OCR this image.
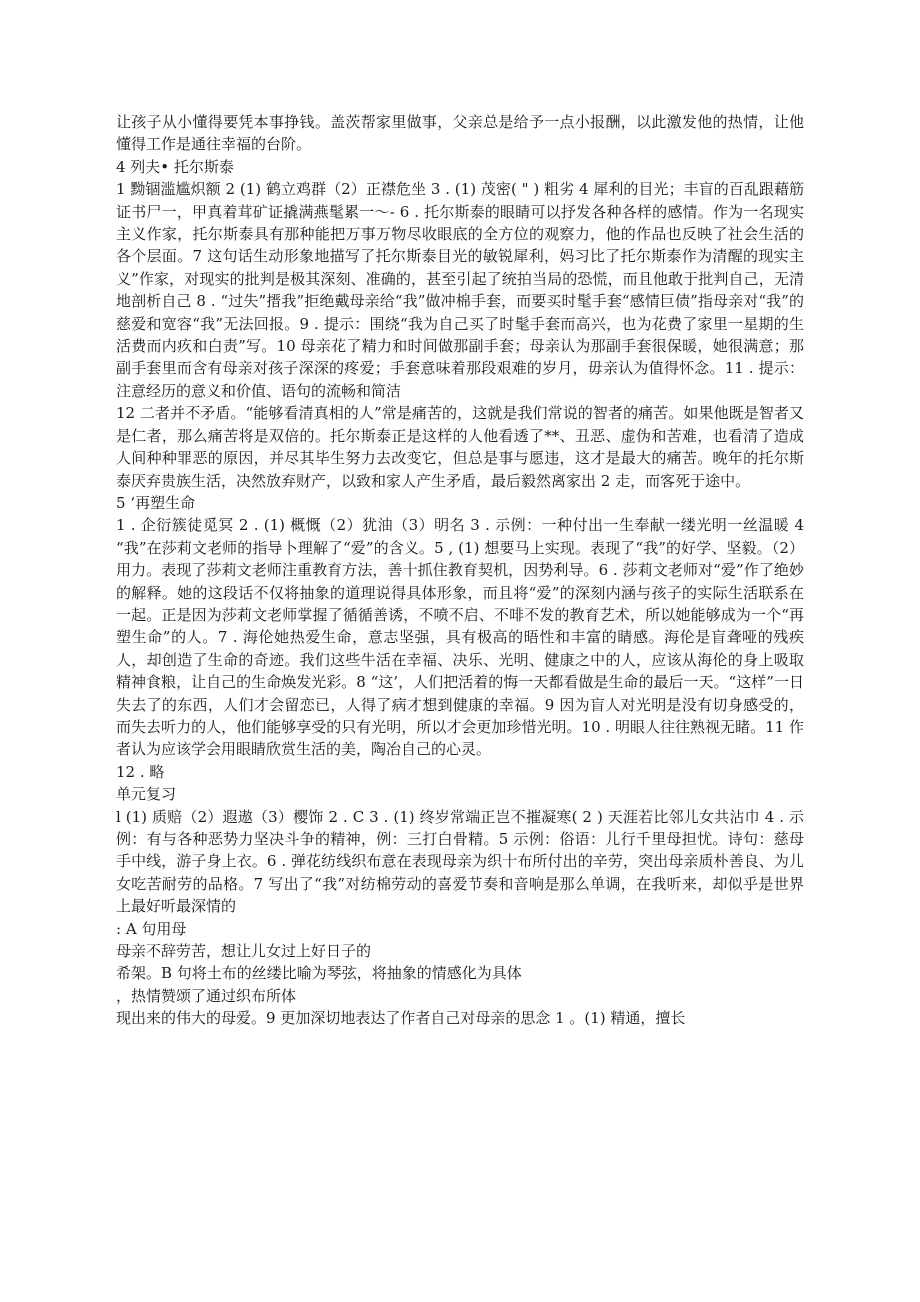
让孩子从小懂得要凭本事挣钱。盖茨帮家里做事，父亲总是给予一点小报酬，以此激发他的热情，让他懂得工作是通往幸福的台阶。

4 列夫• 托尔斯泰

1 黝锢滥尴炽额 2 (1) 鹤立鸡群（2）正襟危坐 3 . (1) 茂密( " ) 粗劣 4 犀利的目光；丰盲的百乱跟藉筋证书尸一，甲真着茸矿证撬满燕髦累一～- 6 . 托尔斯泰的眼睛可以抒发各种各样的感情。作为一名现实主义作家，托尔斯泰具有那种能把万事万物尽收眼底的全方位的观察力，他的作品也反映了社会生活的各个层面。7 这句话生动形象地描写了托尔斯泰目光的敏锐犀利，妈习比了托尔斯泰作为清醒的现实主义”作家，对现实的批判是极其深刻、准确的，甚至引起了统拍当局的恐慌，而且他敢于批判自己，无清地剖析自己 8 . “过失”搢我”拒绝戴母亲给“我”做冲棉手套，而要买时髦手套“感情巨债”指母亲对“我”的慈爱和宽容“我”无法回报。9 . 提示：围绕“我为自己买了时髦手套而高兴，也为花费了家里一星期的生活费而内疚和白责”写。10 母亲花了精力和时间做那副手套；母亲认为那副手套很保暖，她很满意；那副手套里而含有母亲对孩子深深的疼爱；手套意味着那段艰难的岁月，毋亲认为值得怀念。11 . 提示：注意经历的意义和价值、语句的流畅和简洁

12 二者并不矛盾。“能够看清真相的人”常是痛苦的，这就是我们常说的智者的痛苦。如果他既是智者又是仁者，那么痛苦将是双倍的。托尔斯泰正是这样的人他看透了**、丑恶、虚伪和苦难，也看清了造成人间种种罪恶的原因，并尽其毕生努力去改变它，但总是事与愿违，这才是最大的痛苦。晚年的托尔斯泰厌弃贵族生活，决然放弃财产，以致和家人产生矛盾，最后毅然离家出 2 走，而客死于途中。

5 ‘再塑生命

1 . 企衍簇徒觅冥 2 . (1) 概慨（2）犹油（3）明名 3 . 示例：一种付出一生奉献一缕光明一丝温暖 4 “我”在莎莉文老师的指导卜理解了“爱”的含义。5 , (1) 想要马上实现。表现了“我”的好学、坚毅。（2）用力。表现了莎莉文老师注重教育方法，善十抓住教育契机，因势利导。6 . 莎莉文老师对“爱”作了绝妙的解释。她的这段话不仅将抽象的道理说得具体形象，而且将“爱”的深刻内涵与孩子的实际生活联系在一起。正是因为莎莉文老师掌握了循循善诱，不喷不启、不啡不发的教育艺术，所以她能够成为一个“再塑生命”的人。7 . 海伦她热爱生命，意志坚强，具有极高的晤性和丰富的睛感。海伦是盲聋哑的残疾人，却创造了生命的奇迹。我们这些牛活在幸福、决乐、光明、健康之中的人，应该从海伦的身上吸取精神食粮，让自己的生命焕发光彩。8 “这’，人们把活着的悔一天都看做是生命的最后一天。“这样”一日失去了的东西，人们才会留恋已，人得了病才想到健康的幸福。9 因为盲人对光明是没有切身感受的，而失去听力的人，他们能够享受的只有光明，所以才会更加珍惜光明。10 . 明眼人往往熟视无睹。11 作者认为应该学会用眼睛欣赏生活的美，陶冶自己的心灵。

12 . 略

单元复习

l (1) 质赔（2）遐遨（3）樱饰 2 . C 3 . (1) 终岁常端正岂不摧凝寒( 2 ) 天涯若比邻儿女共沾巾 4 . 示例：有与各种恶势力坚决斗争的精神，例：三打白骨精。5 示例：俗语：儿行千里母担忧。诗句：慈母手中线，游子身上衣。6 . 弹花纺线织布意在表现母亲为织十布所付出的辛劳，突出母亲质朴善良、为儿女吃苦耐劳的品格。7 写出了“我”对纺棉劳动的喜爱节奏和音响是那么单调，在我听来，却似乎是世界上最好听最深情的

: A 句用母

母亲不辞劳苦，想让儿女过上好日子的

希架。B 句将土布的丝缕比喻为琴弦，将抽象的情感化为具体

，热情赞颂了通过织布所体

现出来的伟大的母爱。9 更加深切地表达了作者自己对母亲的思念 1 。(1) 精通，擅长
